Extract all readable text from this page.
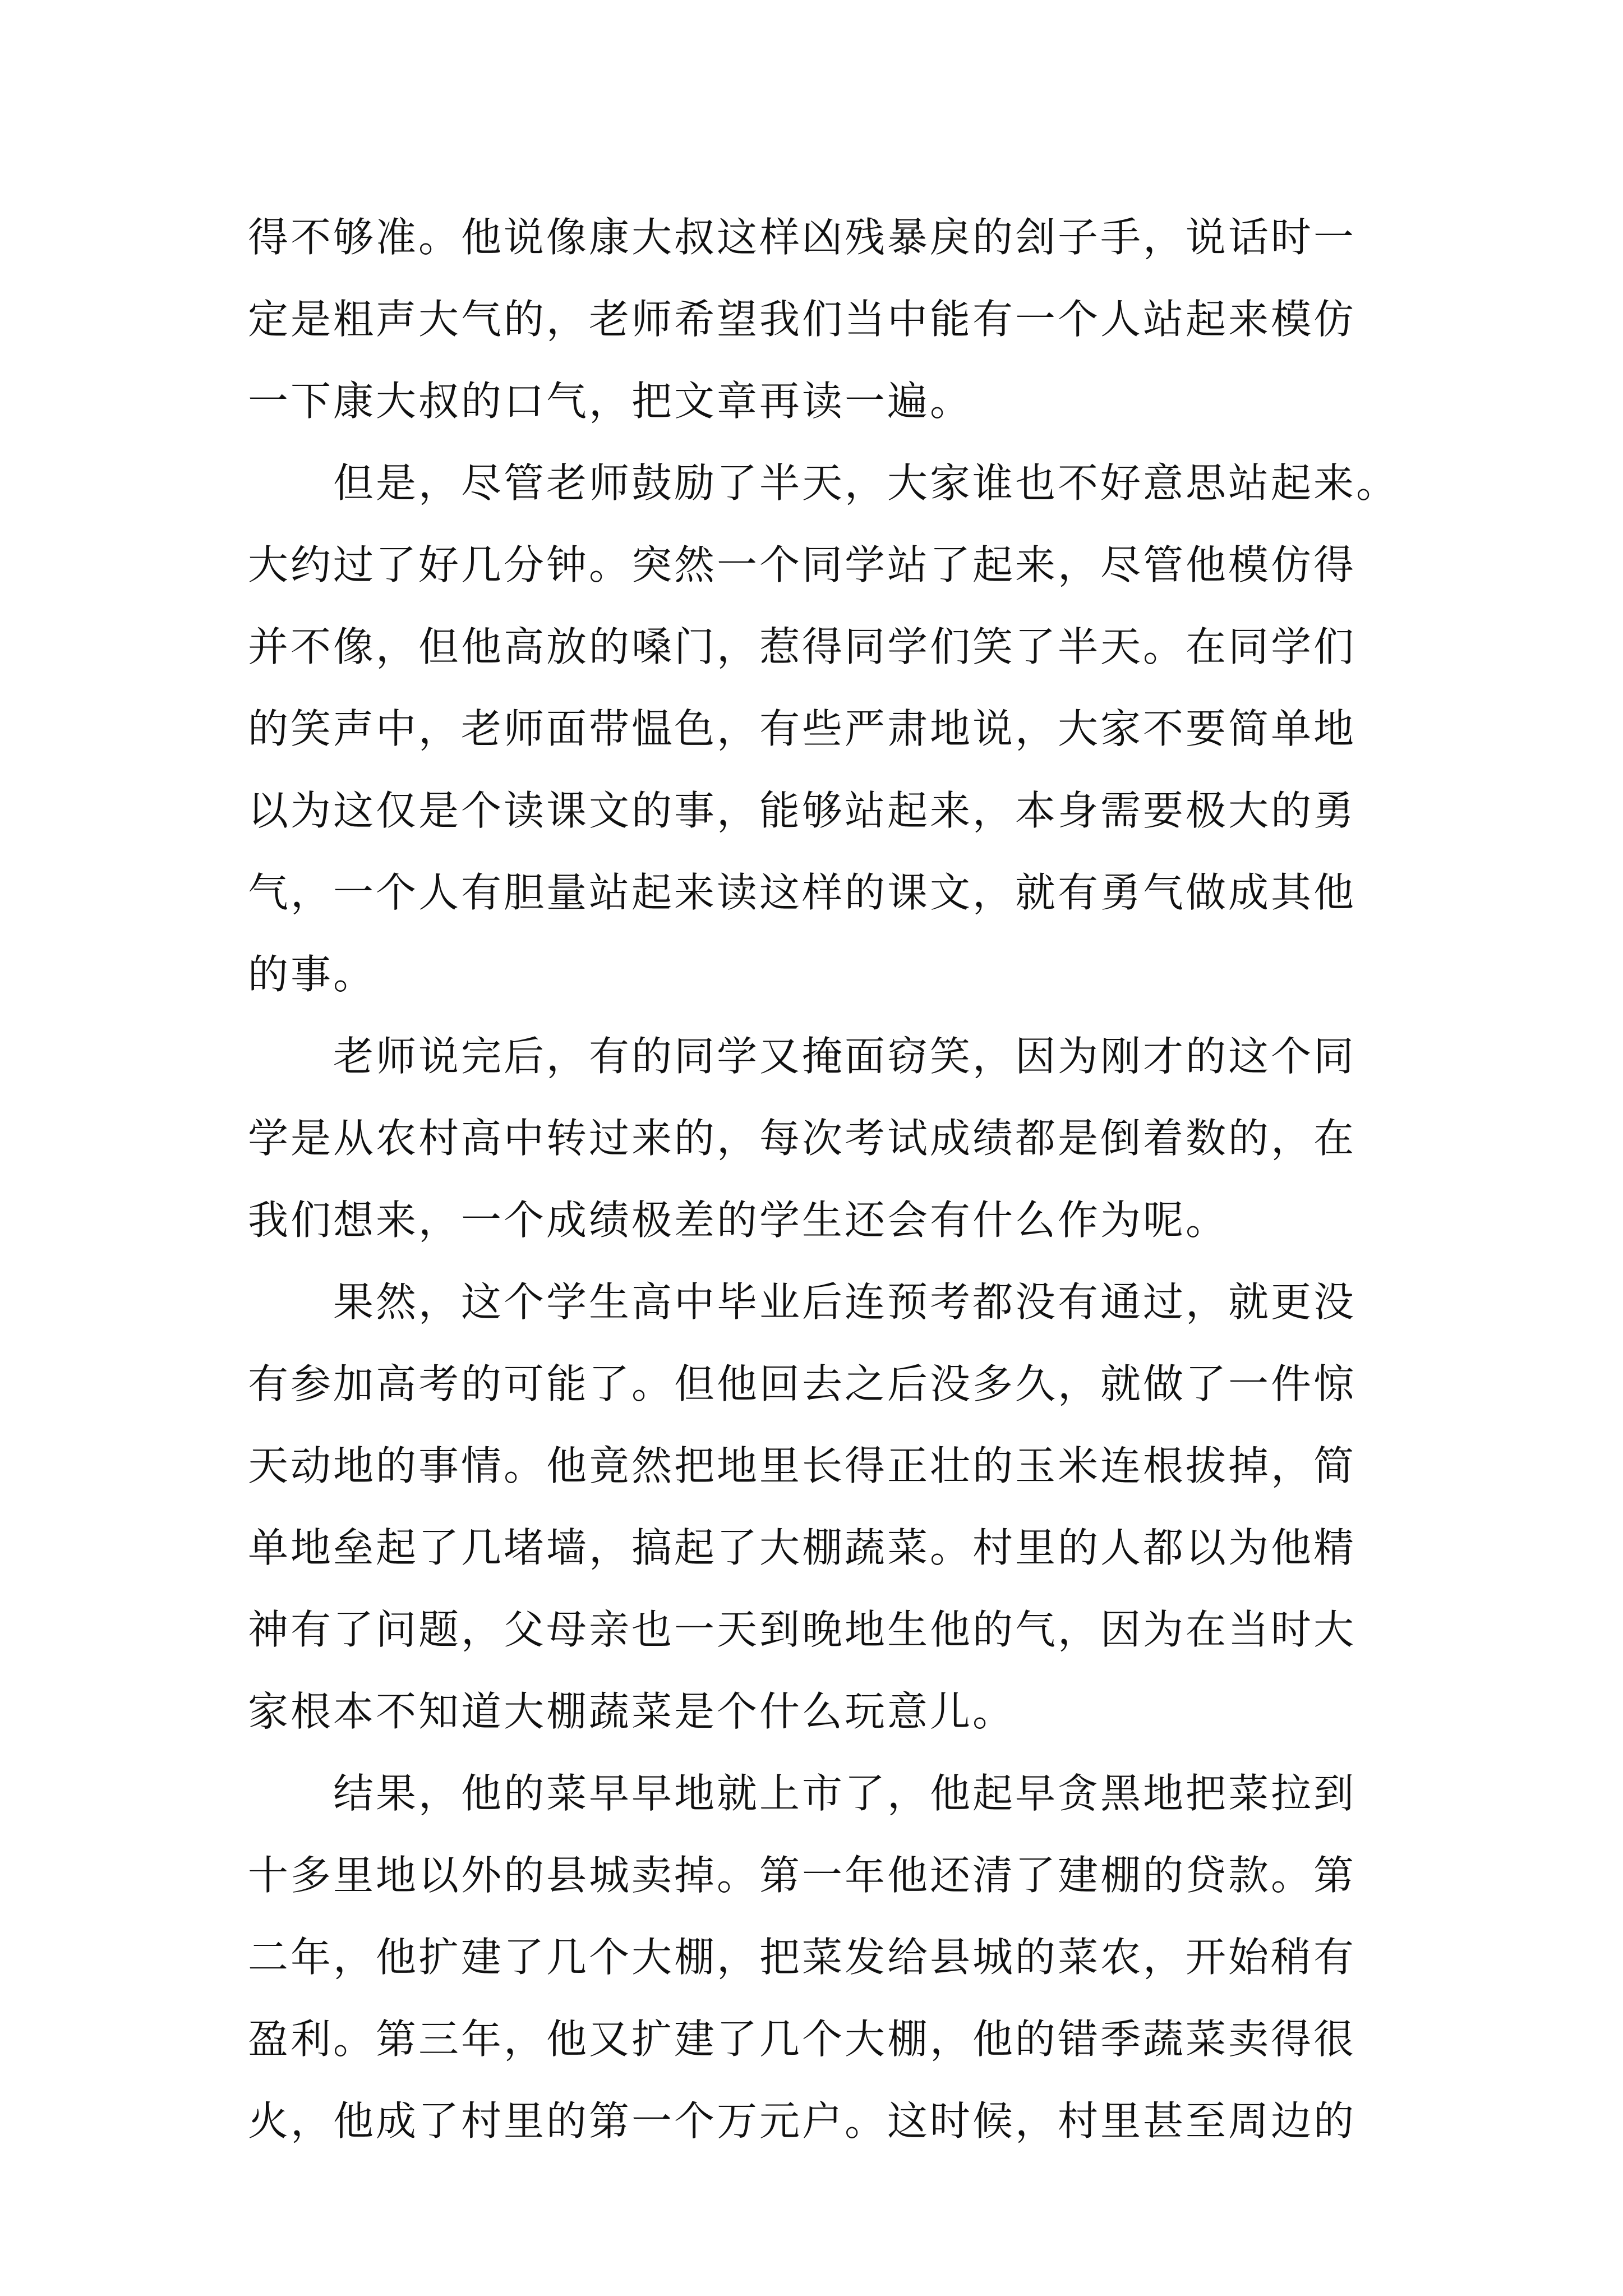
得不够准。他说像康大叔这样凶残暴戾的刽子手，说话时一
定是粗声大气的，老师希望我们当中能有一个人站起来模仿
一下康大叔的口气，把文章再读一遍。
但是，尽管老师鼓励了半天，大家谁也不好意思站起来。
大约过了好几分钟。突然一个同学站了起来，尽管他模仿得
并不像，但他高放的嗓门，惹得同学们笑了半天。在同学们
的笑声中，老师面带愠色，有些严肃地说，大家不要简单地
以为这仅是个读课文的事，能够站起来，本身需要极大的勇
气，一个人有胆量站起来读这样的课文，就有勇气做成其他
的事。
老师说完后，有的同学又掩面窃笑，因为刚才的这个同
学是从农村高中转过来的，每次考试成绩都是倒着数的，在
我们想来，一个成绩极差的学生还会有什么作为呢。
果然，这个学生高中毕业后连预考都没有通过，就更没
有参加高考的可能了。但他回去之后没多久，就做了一件惊
天动地的事情。他竟然把地里长得正壮的玉米连根拔掉，简
单地垒起了几堵墙，搞起了大棚蔬菜。村里的人都以为他精
神有了问题，父母亲也一天到晚地生他的气，因为在当时大
家根本不知道大棚蔬菜是个什么玩意儿。
结果，他的菜早早地就上市了，他起早贪黑地把菜拉到
十多里地以外的县城卖掉。第一年他还清了建棚的贷款。第
二年，他扩建了几个大棚，把菜发给县城的菜农，开始稍有
盈利。第三年，他又扩建了几个大棚，他的错季蔬菜卖得很
火，他成了村里的第一个万元户。这时候，村里甚至周边的
